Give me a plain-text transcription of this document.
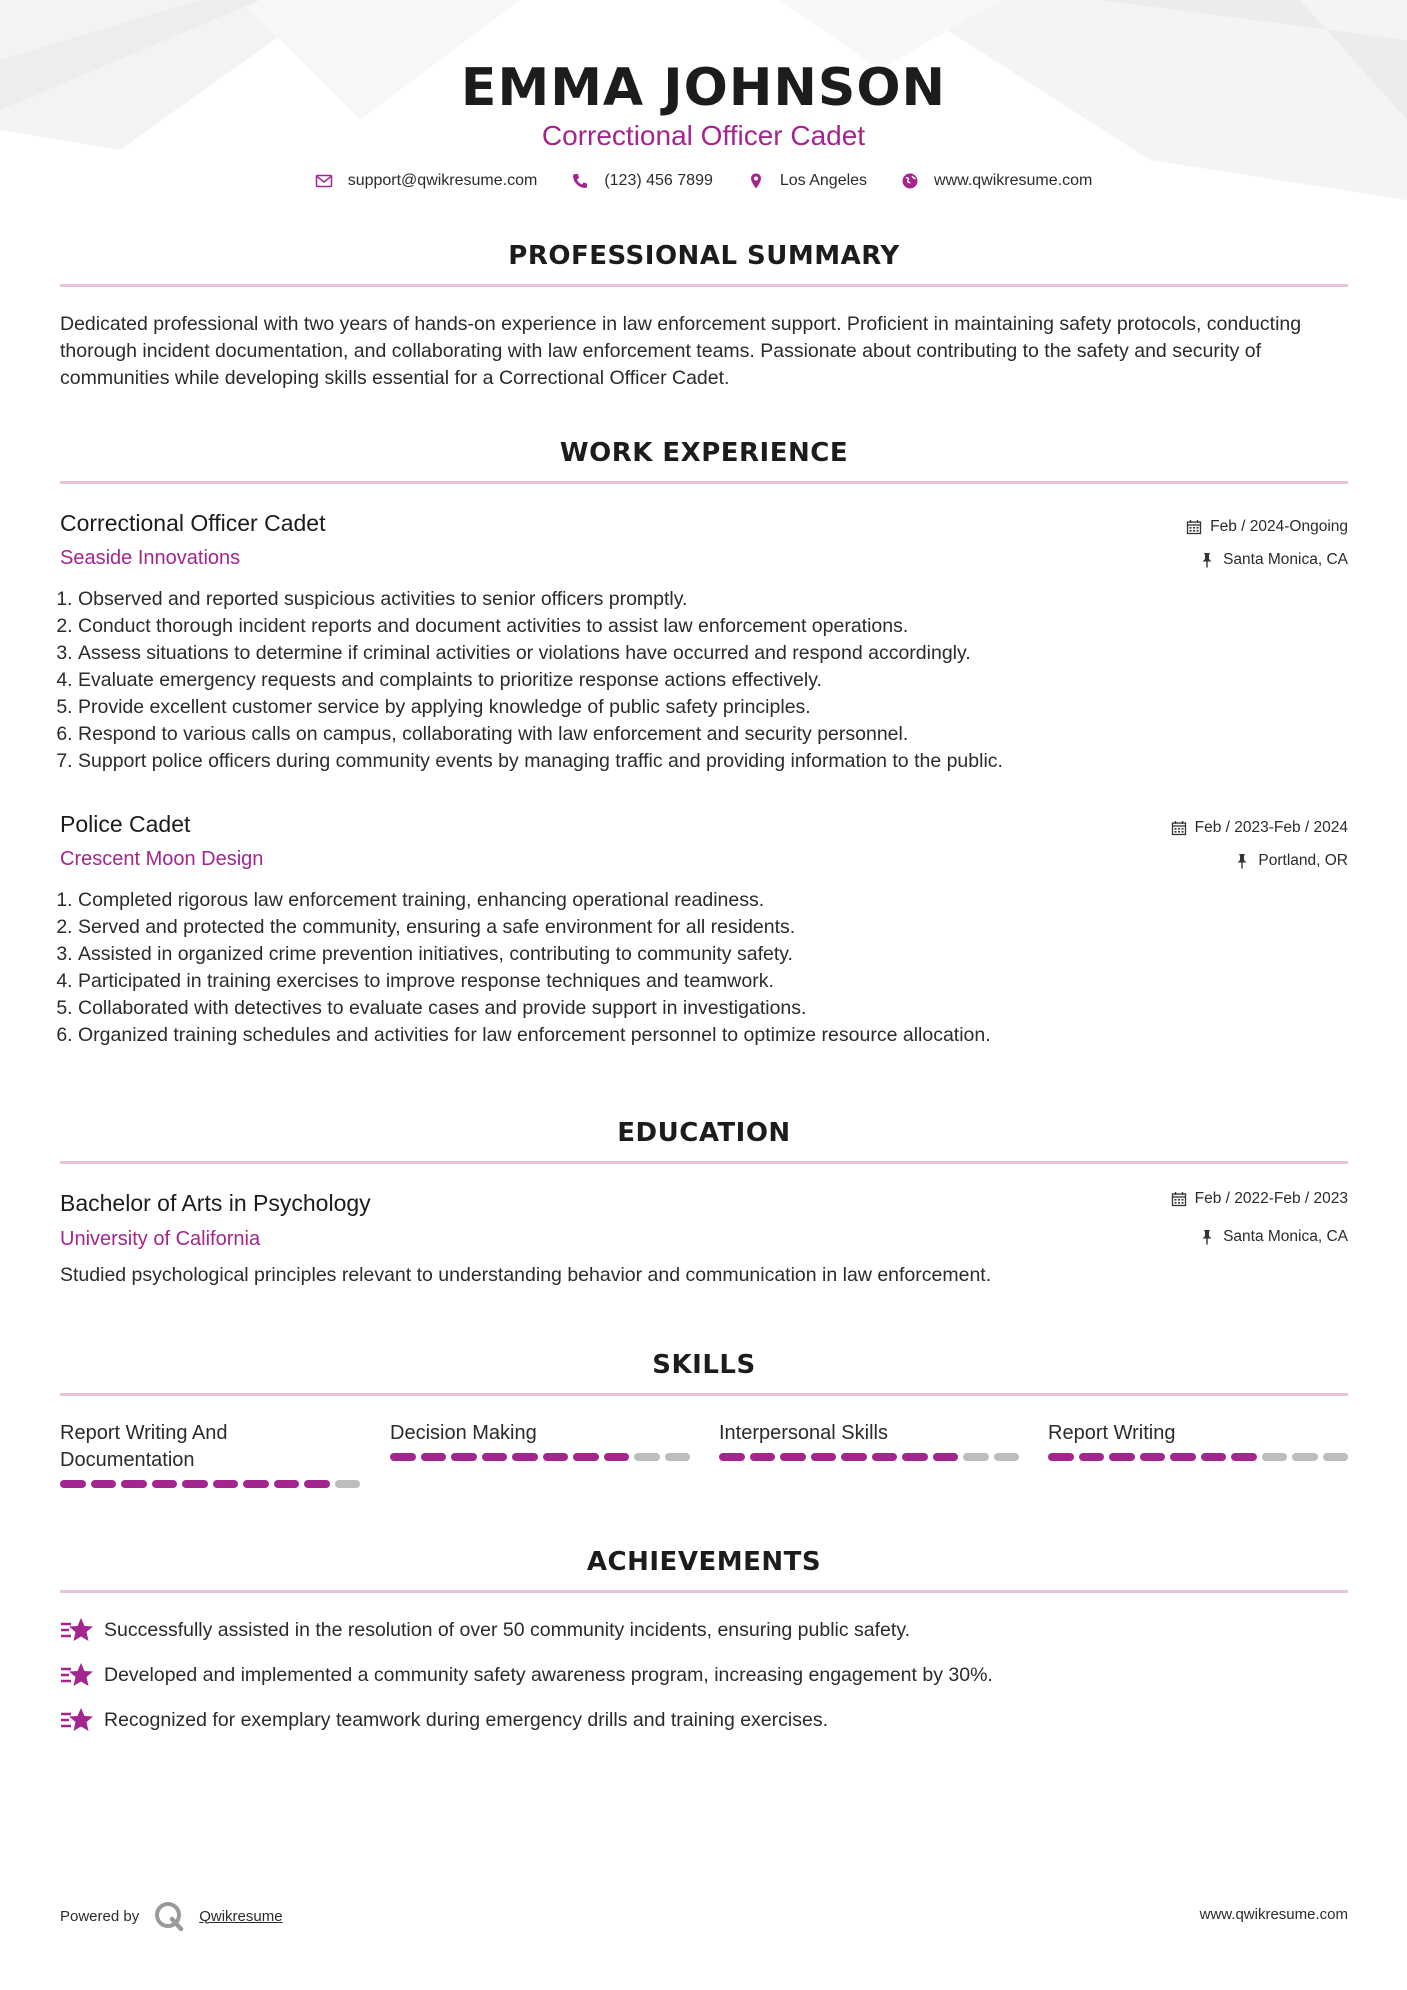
EMMA JOHNSON
Correctional Officer Cadet
support@qwikresume.com	(123) 456 7899	Los Angeles	www.qwikresume.com
PROFESSIONAL SUMMARY

Dedicated professional with two years of hands-on experience in law enforcement support. Proficient in maintaining safety protocols, conducting thorough incident documentation, and collaborating with law enforcement teams. Passionate about contributing to the safety and security of communities while developing skills essential for a Correctional Officer Cadet.

WORK EXPERIENCE
Correctional Officer Cadet	Feb / 2024-Ongoing
Seaside Innovations	Santa Monica, CA
1. Observed and reported suspicious activities to senior officers promptly.
2. Conduct thorough incident reports and document activities to assist law enforcement operations.
3. Assess situations to determine if criminal activities or violations have occurred and respond accordingly.
4. Evaluate emergency requests and complaints to prioritize response actions effectively.
5. Provide excellent customer service by applying knowledge of public safety principles.
6. Respond to various calls on campus, collaborating with law enforcement and security personnel.
7. Support police officers during community events by managing traffic and providing information to the public.
Police Cadet	Feb / 2023-Feb / 2024
Crescent Moon Design	Portland, OR
1. Completed rigorous law enforcement training, enhancing operational readiness.
2. Served and protected the community, ensuring a safe environment for all residents.
3. Assisted in organized crime prevention initiatives, contributing to community safety.
4. Participated in training exercises to improve response techniques and teamwork.
5. Collaborated with detectives to evaluate cases and provide support in investigations.
6. Organized training schedules and activities for law enforcement personnel to optimize resource allocation.
EDUCATION
Bachelor of Arts in Psychology	Feb / 2022-Feb / 2023
University of California	Santa Monica, CA

Studied psychological principles relevant to understanding behavior and communication in law enforcement.

SKILLS
Report Writing And Documentation
Decision Making	Interpersonal Skills	Report Writing
ACHIEVEMENTS
Successfully assisted in the resolution of over 50 community incidents, ensuring public safety.
Developed and implemented a community safety awareness program, increasing engagement by 30%.
Recognized for exemplary teamwork during emergency drills and training exercises.
Powered by	Qwikresume	www.qwikresume.com
